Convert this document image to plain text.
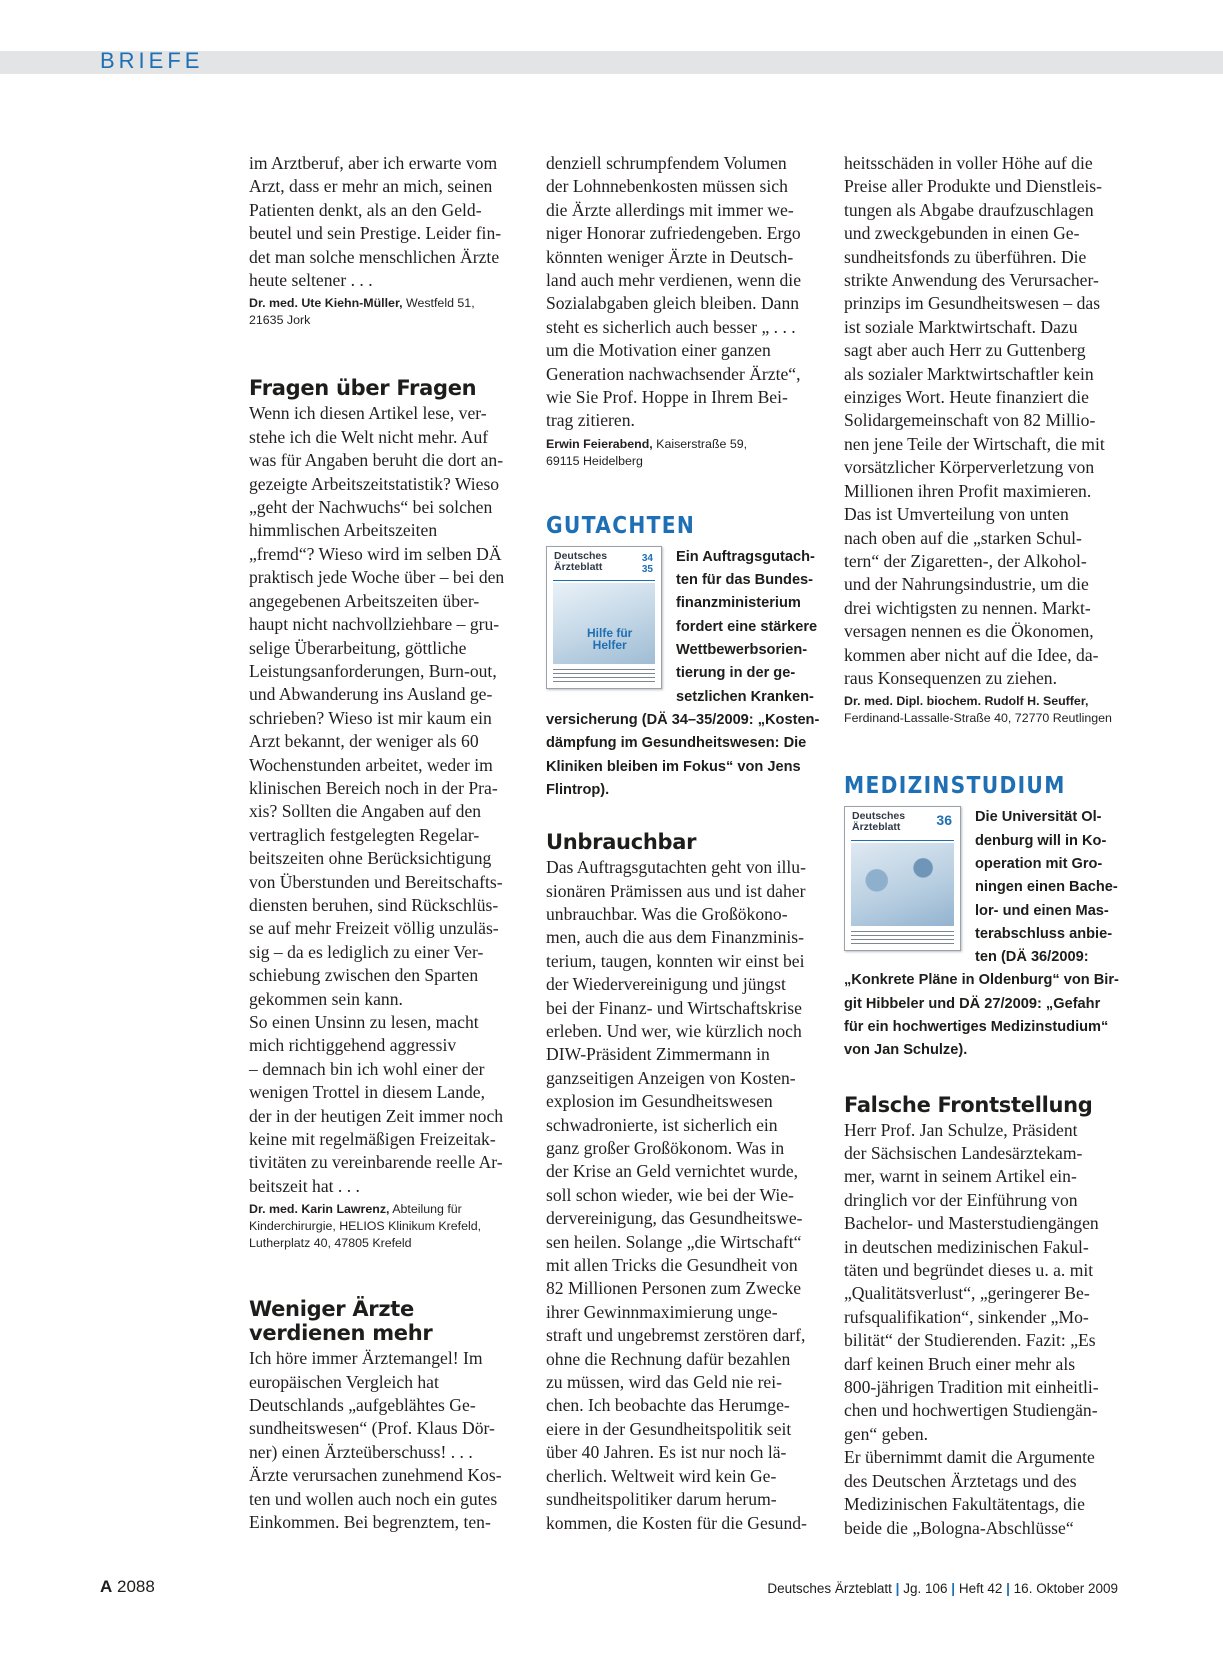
BRIEFE

im Arztberuf, aber ich erwarte vom
Arzt, dass er mehr an mich, seinen
Patienten denkt, als an den Geld-
beutel und sein Prestige. Leider fin-
det man solche menschlichen Ärzte
heute seltener . . .

Dr. med. Ute Kiehn-Müller, Westfeld 51,
21635 Jork

Fragen über Fragen

Wenn ich diesen Artikel lese, ver-
stehe ich die Welt nicht mehr. Auf
was für Angaben beruht die dort an-
gezeigte Arbeitszeitstatistik? Wieso
„geht der Nachwuchs“ bei solchen
himmlischen Arbeitszeiten
„fremd“? Wieso wird im selben DÄ
praktisch jede Woche über – bei den
angegebenen Arbeitszeiten über-
haupt nicht nachvollziehbare – gru-
selige Überarbeitung, göttliche
Leistungsanforderungen, Burn-out,
und Abwanderung ins Ausland ge-
schrieben? Wieso ist mir kaum ein
Arzt bekannt, der weniger als 60
Wochenstunden arbeitet, weder im
klinischen Bereich noch in der Pra-
xis? Sollten die Angaben auf den
vertraglich festgelegten Regelar-
beitszeiten ohne Berücksichtigung
von Überstunden und Bereitschafts-
diensten beruhen, sind Rückschlüs-
se auf mehr Freizeit völlig unzuläs-
sig – da es lediglich zu einer Ver-
schiebung zwischen den Sparten
gekommen sein kann.
So einen Unsinn zu lesen, macht
mich richtiggehend aggressiv
– demnach bin ich wohl einer der
wenigen Trottel in diesem Lande,
der in der heutigen Zeit immer noch
keine mit regelmäßigen Freizeitak-
tivitäten zu vereinbarende reelle Ar-
beitszeit hat . . .

Dr. med. Karin Lawrenz, Abteilung für
Kinderchirurgie, HELIOS Klinikum Krefeld,
Lutherplatz 40, 47805 Krefeld

Weniger Ärzte
verdienen mehr

Ich höre immer Ärztemangel! Im
europäischen Vergleich hat
Deutschlands „aufgeblähtes Ge-
sundheitswesen“ (Prof. Klaus Dör-
ner) einen Ärzteüberschuss! . . .
Ärzte verursachen zunehmend Kos-
ten und wollen auch noch ein gutes
Einkommen. Bei begrenztem, ten-

denziell schrumpfendem Volumen
der Lohnnebenkosten müssen sich
die Ärzte allerdings mit immer we-
niger Honorar zufriedengeben. Ergo
könnten weniger Ärzte in Deutsch-
land auch mehr verdienen, wenn die
Sozialabgaben gleich bleiben. Dann
steht es sicherlich auch besser „ . . .
um die Motivation einer ganzen
Generation nachwachsender Ärzte“,
wie Sie Prof. Hoppe in Ihrem Bei-
trag zitieren.

Erwin Feierabend, Kaiserstraße 59,
69115 Heidelberg

GUTACHTEN
Deutsches
Ärzteblatt
34
35
Hilfe für
Helfer

Ein Auftragsgutach-
ten für das Bundes-
finanzministerium
fordert eine stärkere
Wettbewerbsorien-
tierung in der ge-
setzlichen Kranken-

versicherung (DÄ 34–35/2009: „Kosten-
dämpfung im Gesundheitswesen: Die
Kliniken bleiben im Fokus“ von Jens
Flintrop).

Unbrauchbar

Das Auftragsgutachten geht von illu-
sionären Prämissen aus und ist daher
unbrauchbar. Was die Großökono-
men, auch die aus dem Finanzminis-
terium, taugen, konnten wir einst bei
der Wiedervereinigung und jüngst
bei der Finanz- und Wirtschaftskrise
erleben. Und wer, wie kürzlich noch
DIW-Präsident Zimmermann in
ganzseitigen Anzeigen von Kosten-
explosion im Gesundheitswesen
schwadronierte, ist sicherlich ein
ganz großer Großökonom. Was in
der Krise an Geld vernichtet wurde,
soll schon wieder, wie bei der Wie-
dervereinigung, das Gesundheitswe-
sen heilen. Solange „die Wirtschaft“
mit allen Tricks die Gesundheit von
82 Millionen Personen zum Zwecke
ihrer Gewinnmaximierung unge-
straft und ungebremst zerstören darf,
ohne die Rechnung dafür bezahlen
zu müssen, wird das Geld nie rei-
chen. Ich beobachte das Herumge-
eiere in der Gesundheitspolitik seit
über 40 Jahren. Es ist nur noch lä-
cherlich. Weltweit wird kein Ge-
sundheitspolitiker darum herum-
kommen, die Kosten für die Gesund-

heitsschäden in voller Höhe auf die
Preise aller Produkte und Dienstleis-
tungen als Abgabe draufzuschlagen
und zweckgebunden in einen Ge-
sundheitsfonds zu überführen. Die
strikte Anwendung des Verursacher-
prinzips im Gesundheitswesen – das
ist soziale Marktwirtschaft. Dazu
sagt aber auch Herr zu Guttenberg
als sozialer Marktwirtschaftler kein
einziges Wort. Heute finanziert die
Solidargemeinschaft von 82 Millio-
nen jene Teile der Wirtschaft, die mit
vorsätzlicher Körperverletzung von
Millionen ihren Profit maximieren.
Das ist Umverteilung von unten
nach oben auf die „starken Schul-
tern“ der Zigaretten-, der Alkohol-
und der Nahrungsindustrie, um die
drei wichtigsten zu nennen. Markt-
versagen nennen es die Ökonomen,
kommen aber nicht auf die Idee, da-
raus Konsequenzen zu ziehen.

Dr. med. Dipl. biochem. Rudolf H. Seuffer,
Ferdinand-Lassalle-Straße 40, 72770 Reutlingen

MEDIZINSTUDIUM
Deutsches
Ärzteblatt	36 Die Universität Ol-
denburg will in Ko-
operation mit Gro-
ningen einen Bache-
lor- und einen Mas-
terabschluss anbie-
ten (DÄ 36/2009:

„Konkrete Pläne in Oldenburg“ von Bir-
git Hibbeler und DÄ 27/2009: „Gefahr
für ein hochwertiges Medizinstudium“
von Jan Schulze).

Falsche Frontstellung

Herr Prof. Jan Schulze, Präsident
der Sächsischen Landesärztekam-
mer, warnt in seinem Artikel ein-
dringlich vor der Einführung von
Bachelor- und Masterstudiengängen
in deutschen medizinischen Fakul-
täten und begründet dieses u. a. mit
„Qualitätsverlust“, „geringerer Be-
rufsqualifikation“, sinkender „Mo-
bilität“ der Studierenden. Fazit: „Es
darf keinen Bruch einer mehr als
800-jährigen Tradition mit einheitli-
chen und hochwertigen Studiengän-
gen“ geben.
Er übernimmt damit die Argumente
des Deutschen Ärztetags und des
Medizinischen Fakultätentags, die
beide die „Bologna-Abschlüsse“

A 2088	Deutsches Ärzteblatt | Jg. 106 | Heft 42 | 16. Oktober 2009
